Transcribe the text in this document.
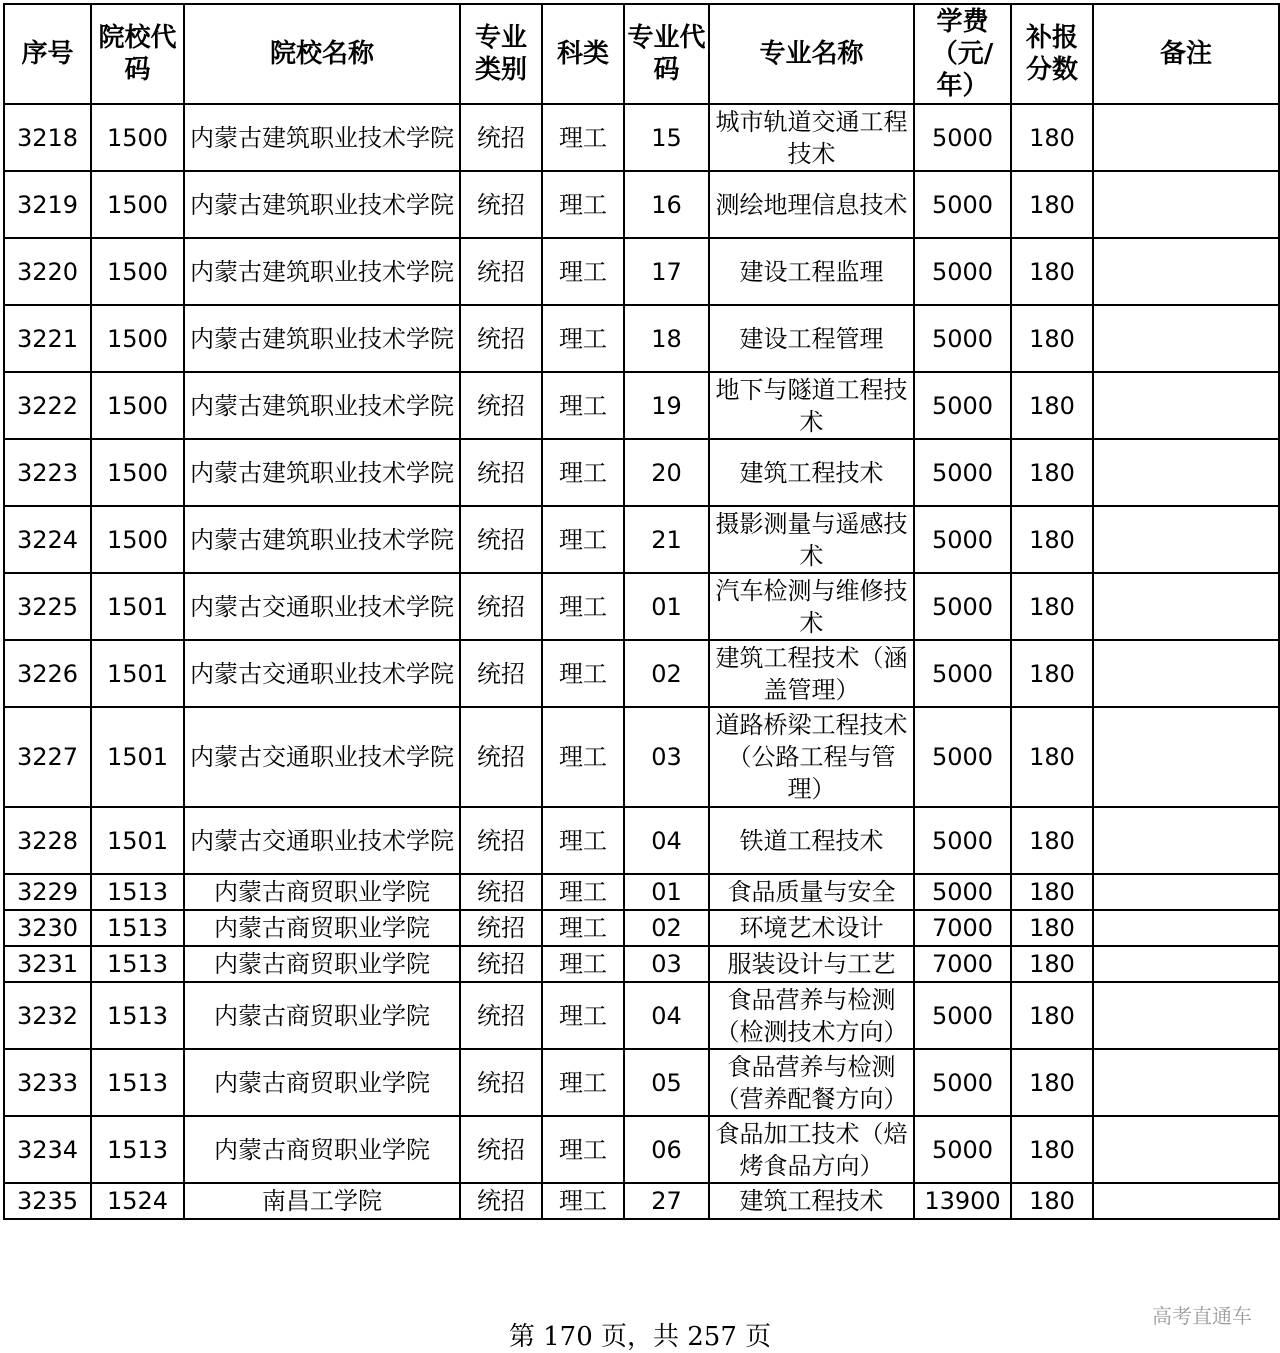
序号	院校代码	院校名称	专业类别	科类	专业代码	专业名称	学费（元/年）	补报分数	备注
3218	1500	内蒙古建筑职业技术学院	统招	理工	15	城市轨道交通工程技术	5000	180	
3219	1500	内蒙古建筑职业技术学院	统招	理工	16	测绘地理信息技术	5000	180	
3220	1500	内蒙古建筑职业技术学院	统招	理工	17	建设工程监理	5000	180	
3221	1500	内蒙古建筑职业技术学院	统招	理工	18	建设工程管理	5000	180	
3222	1500	内蒙古建筑职业技术学院	统招	理工	19	地下与隧道工程技术	5000	180	
3223	1500	内蒙古建筑职业技术学院	统招	理工	20	建筑工程技术	5000	180	
3224	1500	内蒙古建筑职业技术学院	统招	理工	21	摄影测量与遥感技术	5000	180	
3225	1501	内蒙古交通职业技术学院	统招	理工	01	汽车检测与维修技术	5000	180	
3226	1501	内蒙古交通职业技术学院	统招	理工	02	建筑工程技术（涵盖管理）	5000	180	
3227	1501	内蒙古交通职业技术学院	统招	理工	03	道路桥梁工程技术（公路工程与管理）	5000	180	
3228	1501	内蒙古交通职业技术学院	统招	理工	04	铁道工程技术	5000	180	
3229	1513	内蒙古商贸职业学院	统招	理工	01	食品质量与安全	5000	180	
3230	1513	内蒙古商贸职业学院	统招	理工	02	环境艺术设计	7000	180	
3231	1513	内蒙古商贸职业学院	统招	理工	03	服装设计与工艺	7000	180	
3232	1513	内蒙古商贸职业学院	统招	理工	04	食品营养与检测（检测技术方向）	5000	180	
3233	1513	内蒙古商贸职业学院	统招	理工	05	食品营养与检测（营养配餐方向）	5000	180	
3234	1513	内蒙古商贸职业学院	统招	理工	06	食品加工技术（焙烤食品方向）	5000	180	
3235	1524	南昌工学院	统招	理工	27	建筑工程技术	13900	180	
第 170 页，共 257 页
高考直通车
